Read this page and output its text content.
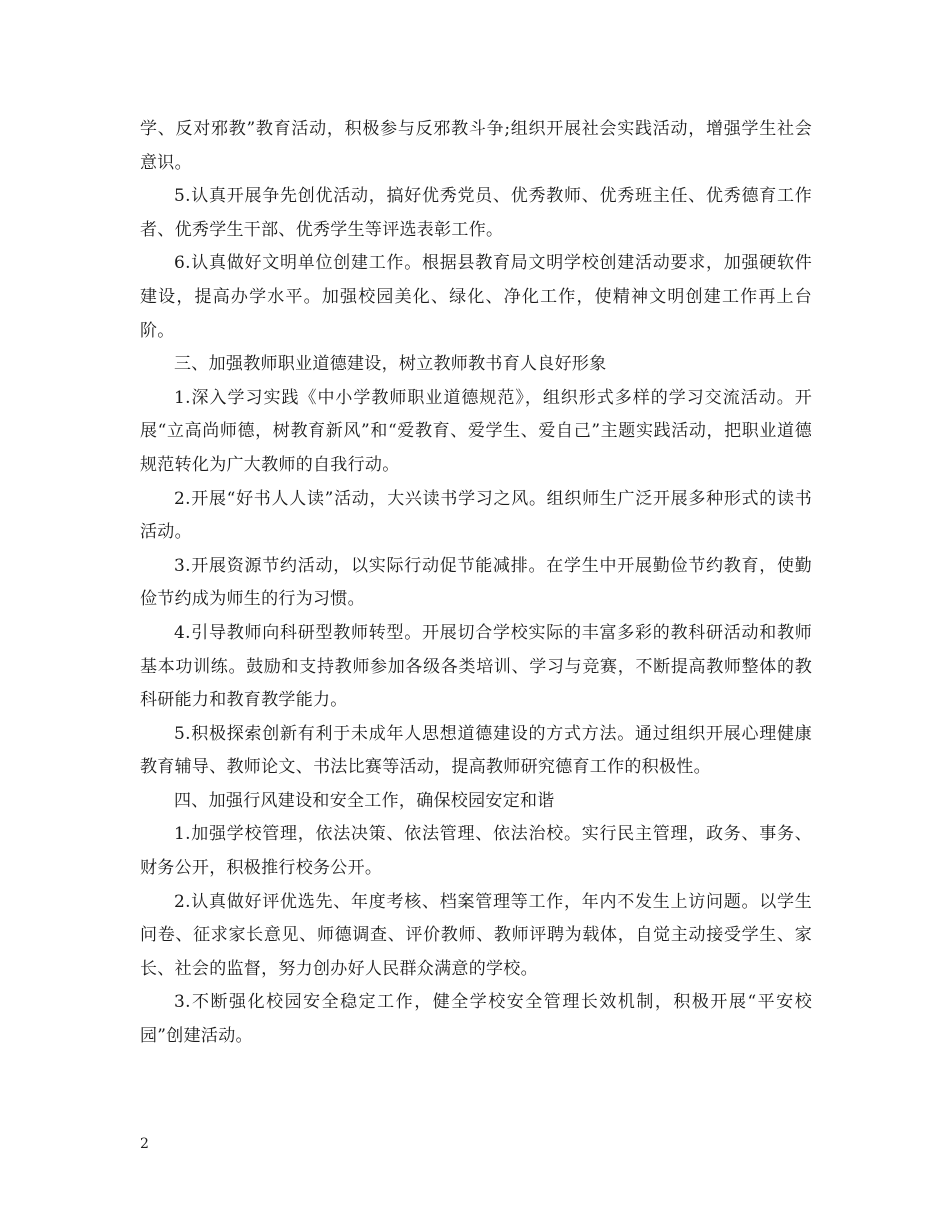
学、反对邪教”教育活动，积极参与反邪教斗争;组织开展社会实践活动，增强学生社会意识。

5.认真开展争先创优活动，搞好优秀党员、优秀教师、优秀班主任、优秀德育工作者、优秀学生干部、优秀学生等评选表彰工作。

6.认真做好文明单位创建工作。根据县教育局文明学校创建活动要求，加强硬软件建设，提高办学水平。加强校园美化、绿化、净化工作，使精神文明创建工作再上台阶。

三、加强教师职业道德建设，树立教师教书育人良好形象

1.深入学习实践《中小学教师职业道德规范》，组织形式多样的学习交流活动。开展“立高尚师德，树教育新风”和“爱教育、爱学生、爱自己”主题实践活动，把职业道德规范转化为广大教师的自我行动。

2.开展“好书人人读”活动，大兴读书学习之风。组织师生广泛开展多种形式的读书活动。

3.开展资源节约活动，以实际行动促节能减排。在学生中开展勤俭节约教育，使勤俭节约成为师生的行为习惯。

4.引导教师向科研型教师转型。开展切合学校实际的丰富多彩的教科研活动和教师基本功训练。鼓励和支持教师参加各级各类培训、学习与竞赛，不断提高教师整体的教科研能力和教育教学能力。

5.积极探索创新有利于未成年人思想道德建设的方式方法。通过组织开展心理健康教育辅导、教师论文、书法比赛等活动，提高教师研究德育工作的积极性。

四、加强行风建设和安全工作，确保校园安定和谐

1.加强学校管理，依法决策、依法管理、依法治校。实行民主管理，政务、事务、财务公开，积极推行校务公开。

2.认真做好评优选先、年度考核、档案管理等工作，年内不发生上访问题。以学生问卷、征求家长意见、师德调查、评价教师、教师评聘为载体，自觉主动接受学生、家长、社会的监督，努力创办好人民群众满意的学校。

3.不断强化校园安全稳定工作，健全学校安全管理长效机制，积极开展“平安校园”创建活动。

2
